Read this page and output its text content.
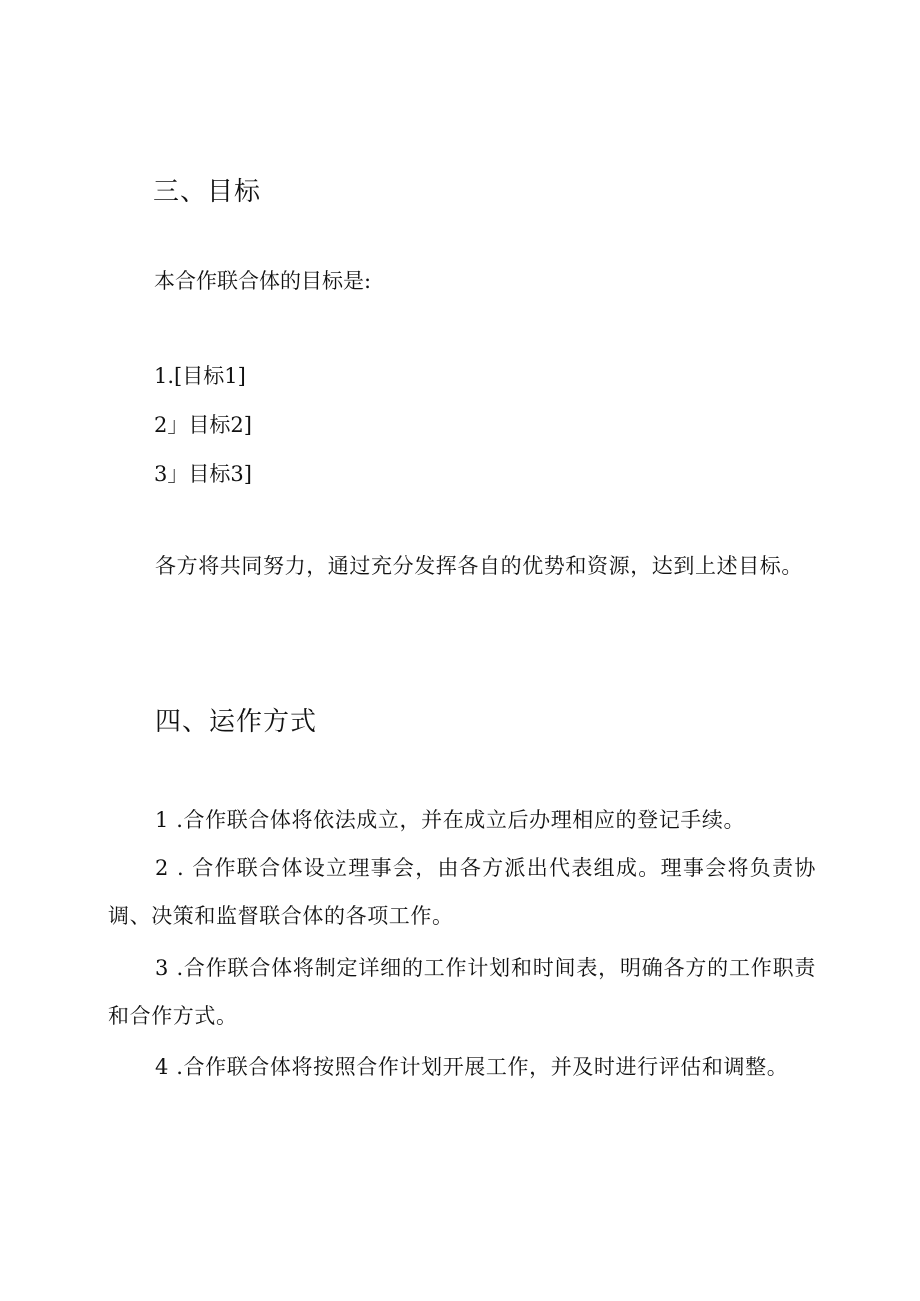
三、目标
本合作联合体的目标是:
1.[目标1]
2」目标2]
3」目标3]

各方将共同努力，通过充分发挥各自的优势和资源，达到上述目标。

四、运作方式

1 .合作联合体将依法成立，并在成立后办理相应的登记手续。

2 . 合作联合体设立理事会，由各方派出代表组成。理事会将负责协调、决策和监督联合体的各项工作。

3 .合作联合体将制定详细的工作计划和时间表，明确各方的工作职责和合作方式。

4 .合作联合体将按照合作计划开展工作，并及时进行评估和调整。
